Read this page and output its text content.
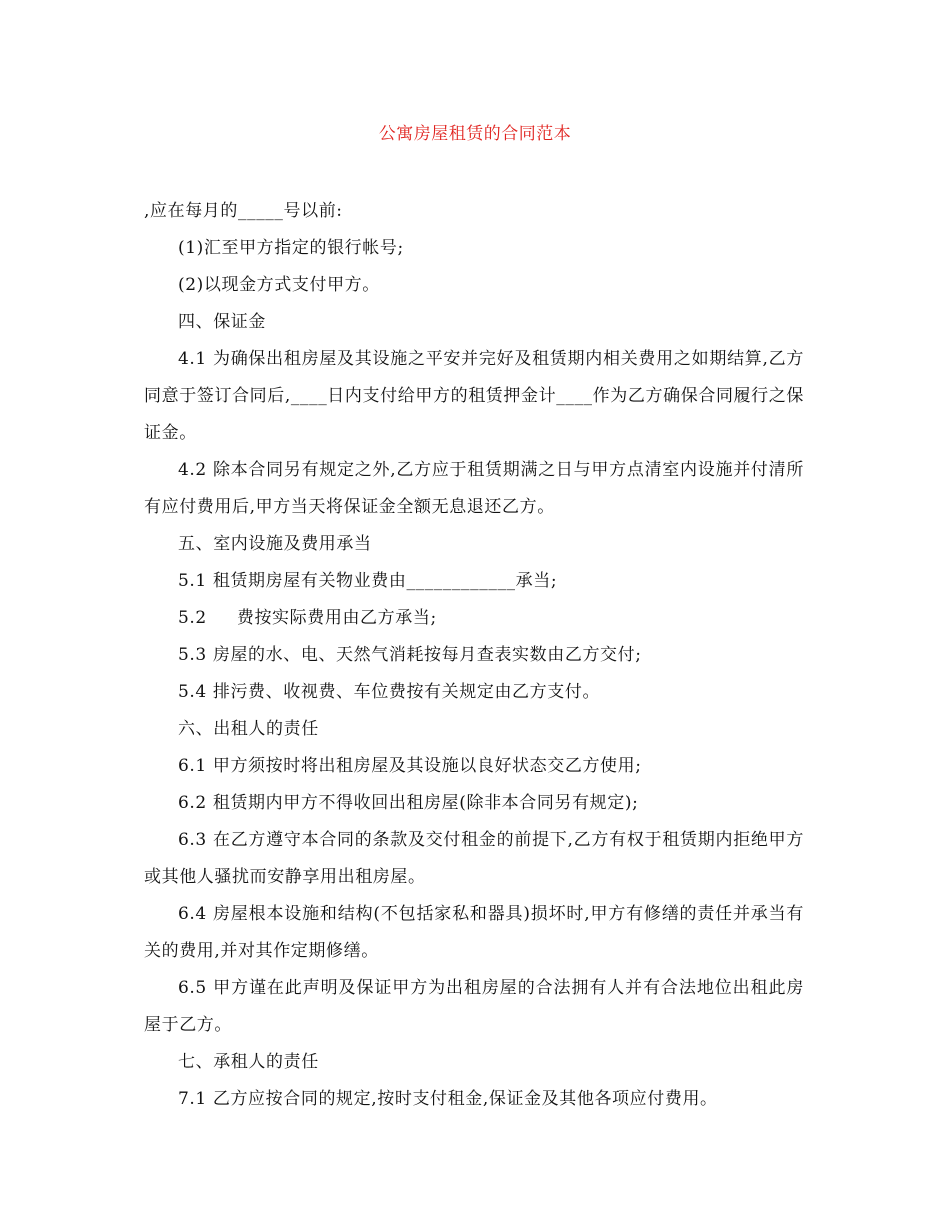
公寓房屋租赁的合同范本

,应在每月的_____号以前:

(1)汇至甲方指定的银行帐号;

(2)以现金方式支付甲方。

四、保证金

4.1 为确保出租房屋及其设施之平安并完好及租赁期内相关费用之如期结算,乙方同意于签订合同后,____日内支付给甲方的租赁押金计____作为乙方确保合同履行之保证金。

4.2 除本合同另有规定之外,乙方应于租赁期满之日与甲方点清室内设施并付清所有应付费用后,甲方当天将保证金全额无息退还乙方。

五、室内设施及费用承当

5.1 租赁期房屋有关物业费由____________承当;

5.2     费按实际费用由乙方承当;

5.3 房屋的水、电、天然气消耗按每月查表实数由乙方交付;

5.4 排污费、收视费、车位费按有关规定由乙方支付。

六、出租人的责任

6.1 甲方须按时将出租房屋及其设施以良好状态交乙方使用;

6.2 租赁期内甲方不得收回出租房屋(除非本合同另有规定);

6.3 在乙方遵守本合同的条款及交付租金的前提下,乙方有权于租赁期内拒绝甲方或其他人骚扰而安静享用出租房屋。

6.4 房屋根本设施和结构(不包括家私和器具)损坏时,甲方有修缮的责任并承当有关的费用,并对其作定期修缮。

6.5 甲方谨在此声明及保证甲方为出租房屋的合法拥有人并有合法地位出租此房屋于乙方。

七、承租人的责任

7.1 乙方应按合同的规定,按时支付租金,保证金及其他各项应付费用。
